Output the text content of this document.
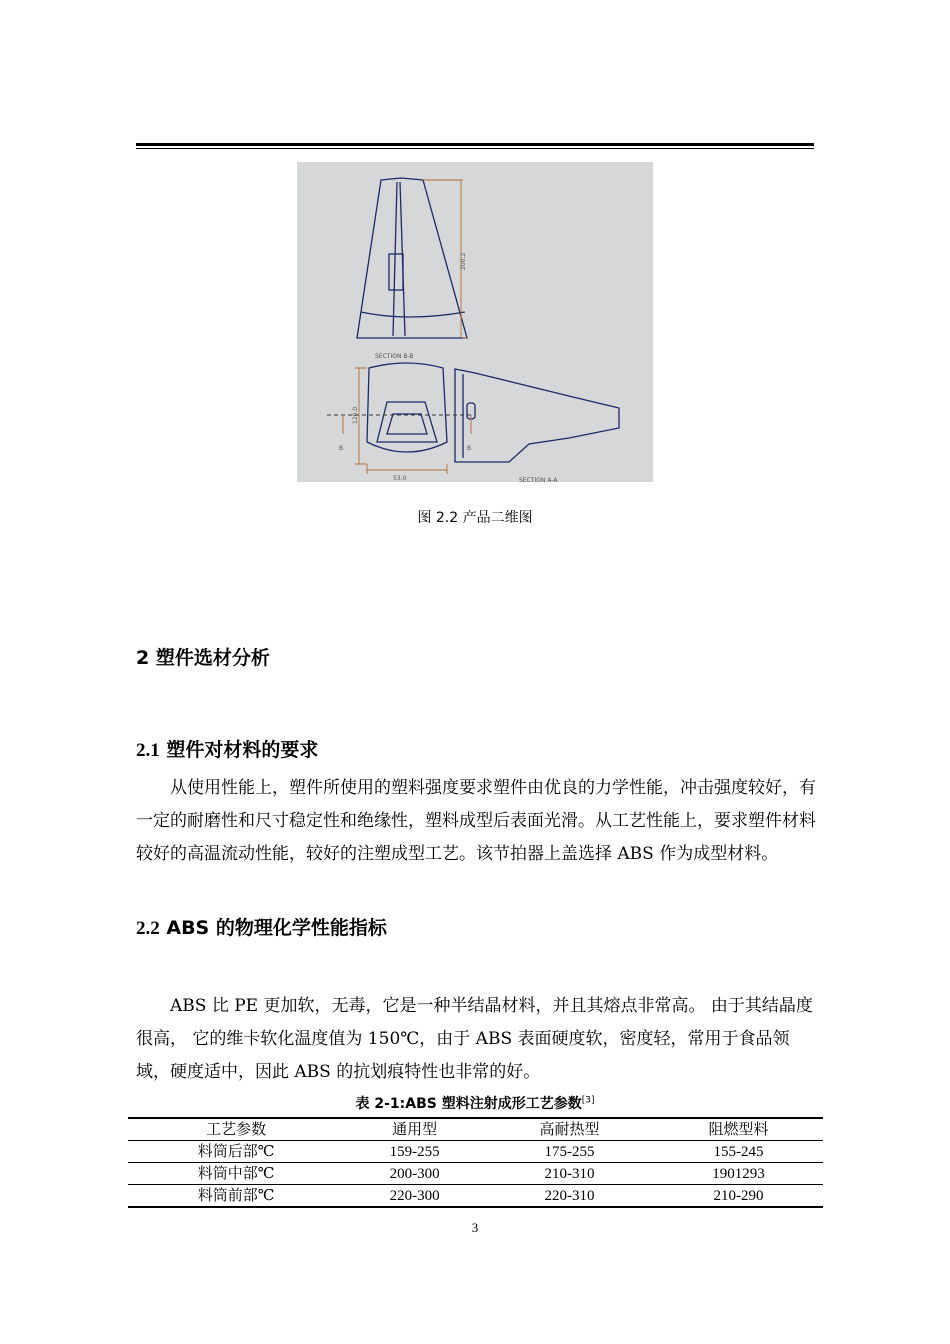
SECTION B-B
SECTION A-A
53.0
B	B
200.2
120.0
图 2.2 产品二维图
2 塑件选材分析
2.1 塑件对材料的要求

从使用性能上，塑件所使用的塑料强度要求塑件由优良的力学性能，冲击强度较好，有一定的耐磨性和尺寸稳定性和绝缘性，塑料成型后表面光滑。从工艺性能上，要求塑件材料较好的高温流动性能，较好的注塑成型工艺。该节拍器上盖选择 ABS 作为成型材料。

2.2 ABS 的物理化学性能指标

ABS 比 PE 更加软，无毒，它是一种半结晶材料，并且其熔点非常高。 由于其结晶度很高， 它的维卡软化温度值为 150℃，由于 ABS 表面硬度软，密度轻，常用于食品领域，硬度适中，因此 ABS 的抗划痕特性也非常的好。

表 2-1:ABS 塑料注射成形工艺参数[3]
工艺参数	通用型	高耐热型	阻燃型料
料筒后部℃	159-255	175-255	155-245
料筒中部℃	200-300	210-310	1901293
料筒前部℃	220-300	220-310	210-290
3
